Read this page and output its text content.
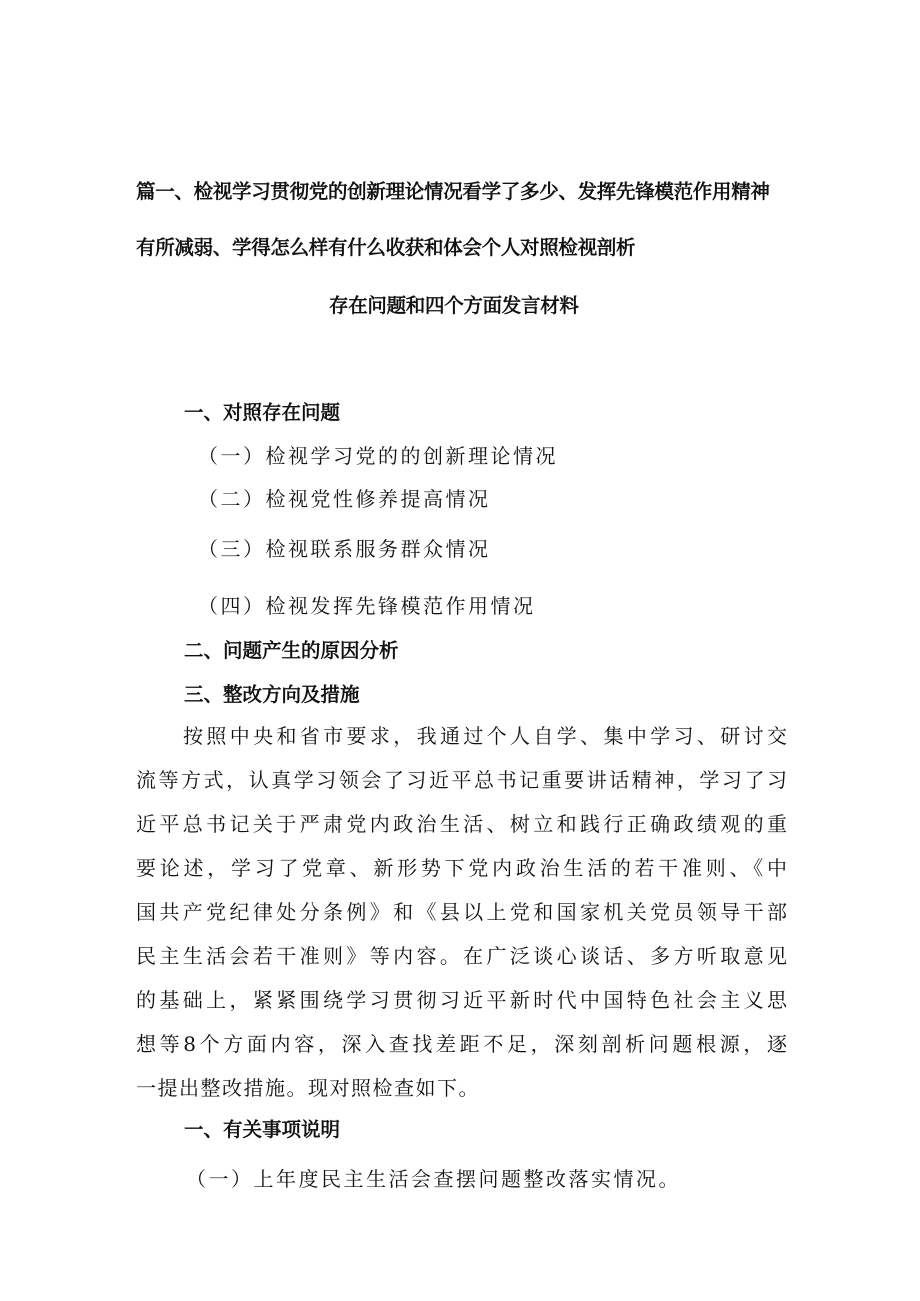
篇一、检视学习贯彻党的创新理论情况看学了多少、发挥先锋模范作用精神

有所减弱、学得怎么样有什么收获和体会个人对照检视剖析

存在问题和四个方面发言材料

一、对照存在问题

（一）检视学习党的的创新理论情况

（二）检视党性修养提高情况

（三）检视联系服务群众情况

（四）检视发挥先锋模范作用情况

二、问题产生的原因分析

三、整改方向及措施

按照中央和省市要求，我通过个人自学、集中学习、研讨交

流等方式，认真学习领会了习近平总书记重要讲话精神，学习了习

近平总书记关于严肃党内政治生活、树立和践行正确政绩观的重

要论述，学习了党章、新形势下党内政治生活的若干准则、《中

国共产党纪律处分条例》和《县以上党和国家机关党员领导干部

民主生活会若干准则》等内容。在广泛谈心谈话、多方听取意见

的基础上，紧紧围绕学习贯彻习近平新时代中国特色社会主义思

想等8个方面内容，深入查找差距不足，深刻剖析问题根源，逐

一提出整改措施。现对照检查如下。

一、有关事项说明

（一）上年度民主生活会查摆问题整改落实情况。
